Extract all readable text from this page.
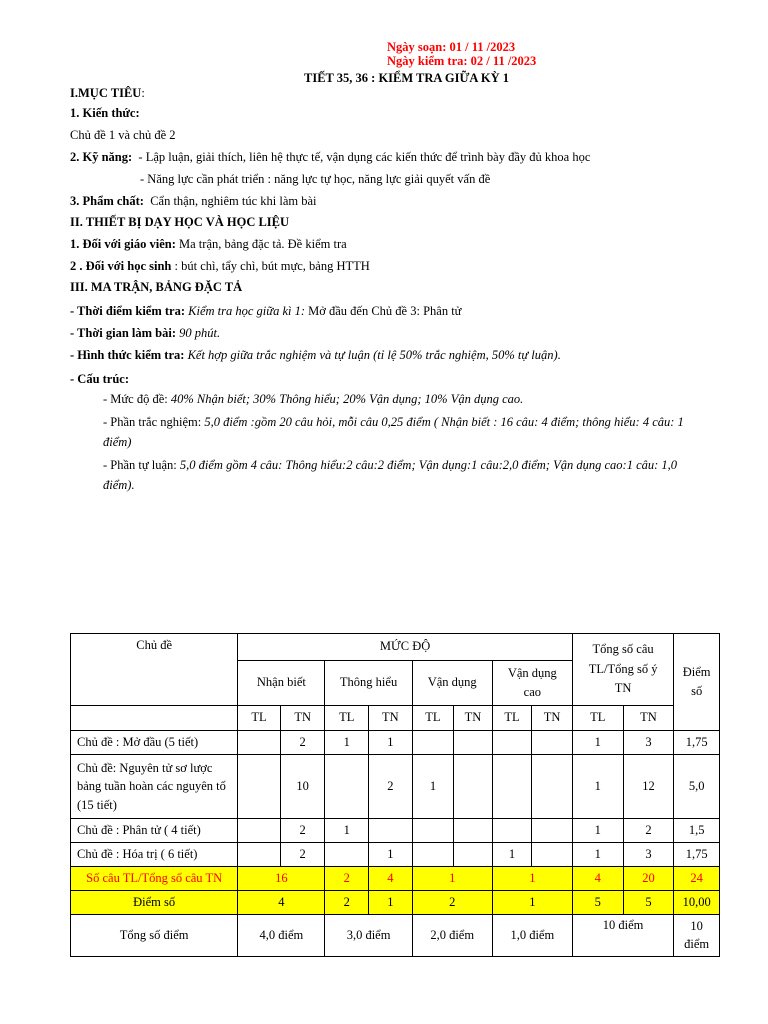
Ngày soạn: 01 / 11 /2023
Ngày kiểm tra: 02 / 11 /2023
TIẾT 35, 36 : KIỂM TRA GIỮA KỲ 1
I.MỤC TIÊU:
1. Kiến thức:
Chủ đề 1 và chủ đề 2
2. Kỹ năng:  - Lập luận, giải thích, liên hệ thực tế, vận dụng các kiến thức để trình bày đầy đủ khoa học
- Năng lực cần phát triển : năng lực tự học, năng lực giải quyết vấn đề
3. Phẩm chất:  Cẩn thận, nghiêm túc khi làm bài
II. THIẾT BỊ DẠY HỌC VÀ HỌC LIỆU
1. Đối với giáo viên: Ma trận, bảng đặc tả. Đề kiểm tra
2 . Đối với học sinh : bút chì, tẩy chì, bút mực, bảng HTTH
III. MA TRẬN, BẢNG ĐẶC TẢ
- Thời điểm kiểm tra: Kiểm tra học giữa kì 1: Mở đầu đến Chủ đề 3: Phân tử
- Thời gian làm bài: 90 phút.
- Hình thức kiểm tra: Kết hợp giữa trắc nghiệm và tự luận (tỉ lệ 50% trắc nghiệm, 50% tự luận).
- Cấu trúc:
- Mức độ đề: 40% Nhận biết; 30% Thông hiểu; 20% Vận dụng; 10% Vận dụng cao.
- Phần trắc nghiệm: 5,0 điểm :gồm 20 câu hỏi, mỗi câu 0,25 điểm ( Nhận biết : 16 câu: 4 điểm; thông hiểu: 4 câu: 1
điểm)
- Phần tự luận: 5,0 điểm gồm 4 câu: Thông hiểu:2 câu:2 điểm; Vận dụng:1 câu:2,0 điểm; Vận dụng cao:1 câu: 1,0
điểm).
Chủ đề	MỨC ĐỘ								Tổng số câu TL/Tổng số ý TN		Điểm số
	Nhận biết		Thông hiểu		Vận dụng		Vận dụng cao				
	TL	TN	TL	TN	TL	TN	TL	TN	TL	TN	
Chủ đề : Mở đầu (5 tiết)		2	1	1					1	3	1,75
Chủ đề: Nguyên tử sơ lược bảng tuần hoàn các nguyên tố (15 tiết)		10		2	1				1	12	5,0
Chủ đề : Phân tử ( 4 tiết)		2	1						1	2	1,5
Chủ đề : Hóa trị ( 6 tiết)		2		1			1		1	3	1,75
Số câu TL/Tổng số câu TN	16		2	4	1		1		4	20	24
Điểm số	4		2	1	2		1		5	5	10,00
Tổng số điểm	4,0 điểm		3,0 điểm		2,0 điểm		1,0 điểm		10 điểm		10 điểm
